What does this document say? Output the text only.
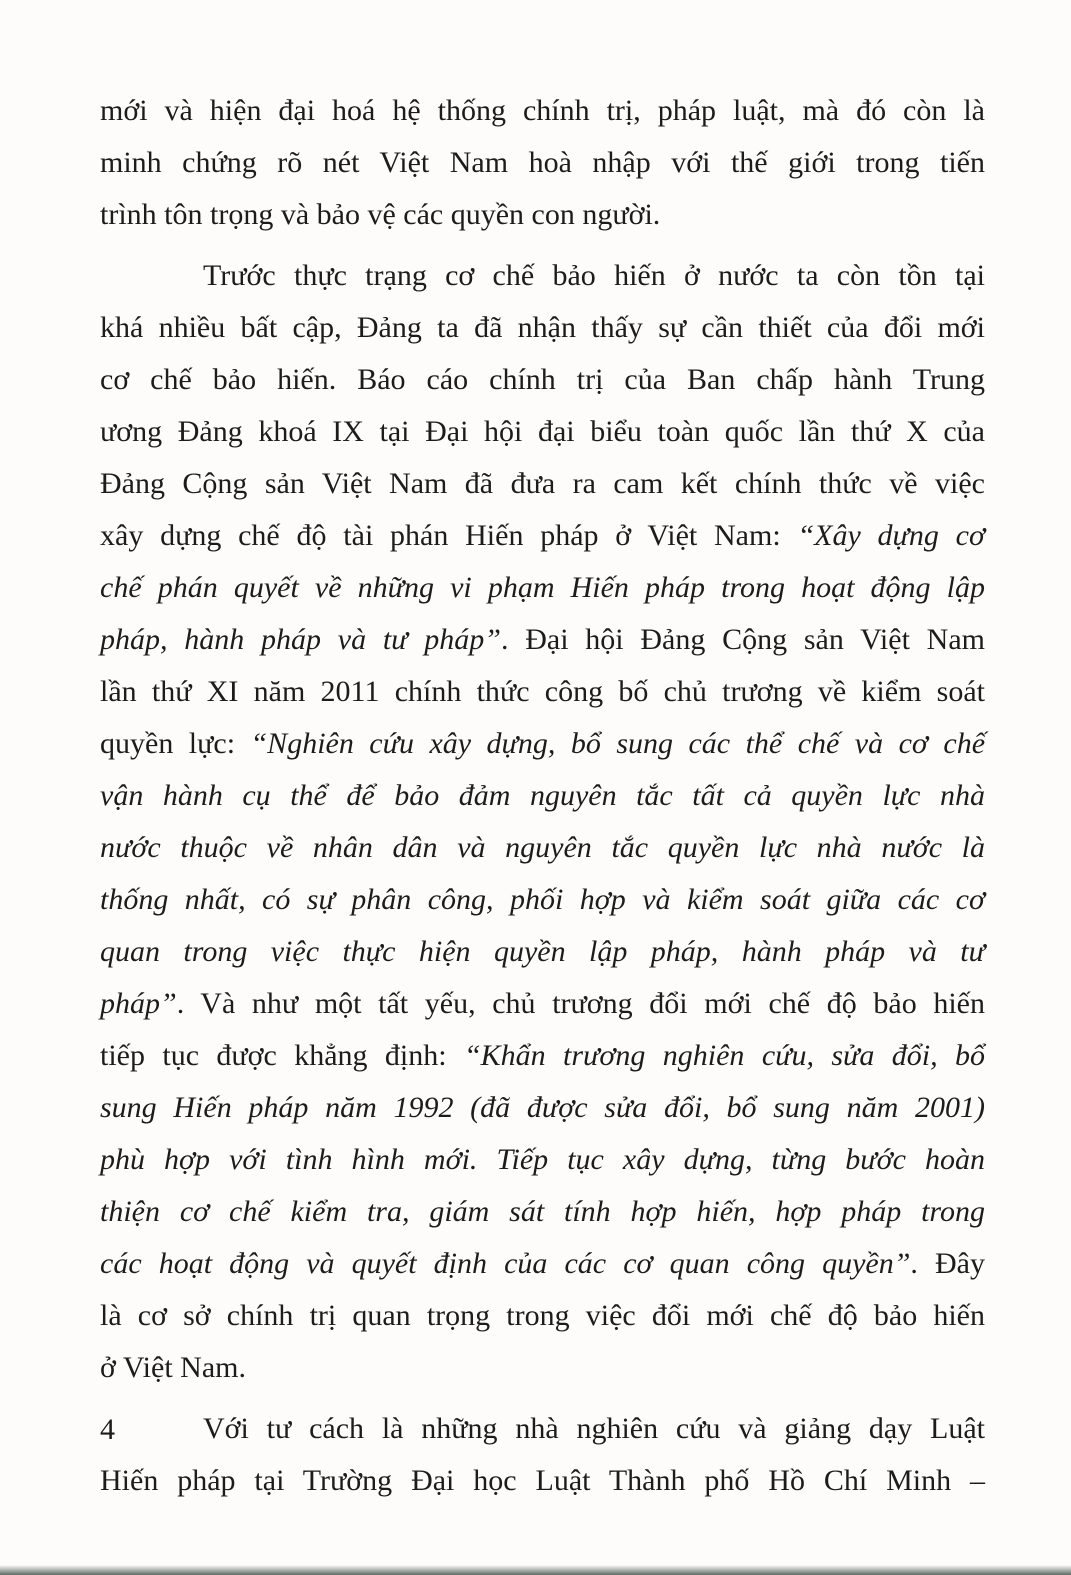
mới và hiện đại hoá hệ thống chính trị, pháp luật, mà đó còn là
minh chứng rõ nét Việt Nam hoà nhập với thế giới trong tiến
trình tôn trọng và bảo vệ các quyền con người.

Trước thực trạng cơ chế bảo hiến ở nước ta còn tồn tại
khá nhiều bất cập, Đảng ta đã nhận thấy sự cần thiết của đổi mới
cơ chế bảo hiến. Báo cáo chính trị của Ban chấp hành Trung
ương Đảng khoá IX tại Đại hội đại biểu toàn quốc lần thứ X của
Đảng Cộng sản Việt Nam đã đưa ra cam kết chính thức về việc
xây dựng chế độ tài phán Hiến pháp ở Việt Nam: “Xây dựng cơ
chế phán quyết về những vi phạm Hiến pháp trong hoạt động lập
pháp, hành pháp và tư pháp”. Đại hội Đảng Cộng sản Việt Nam
lần thứ XI năm 2011 chính thức công bố chủ trương về kiểm soát
quyền lực: “Nghiên cứu xây dựng, bổ sung các thể chế và cơ chế
vận hành cụ thể để bảo đảm nguyên tắc tất cả quyền lực nhà
nước thuộc về nhân dân và nguyên tắc quyền lực nhà nước là
thống nhất, có sự phân công, phối hợp và kiểm soát giữa các cơ
quan trong việc thực hiện quyền lập pháp, hành pháp và tư
pháp”. Và như một tất yếu, chủ trương đổi mới chế độ bảo hiến
tiếp tục được khẳng định: “Khẩn trương nghiên cứu, sửa đổi, bổ
sung Hiến pháp năm 1992 (đã được sửa đổi, bổ sung năm 2001)
phù hợp với tình hình mới. Tiếp tục xây dựng, từng bước hoàn
thiện cơ chế kiểm tra, giám sát tính hợp hiến, hợp pháp trong
các hoạt động và quyết định của các cơ quan công quyền”. Đây
là cơ sở chính trị quan trọng trong việc đổi mới chế độ bảo hiến
ở Việt Nam.

Với tư cách là những nhà nghiên cứu và giảng dạy Luật
Hiến pháp tại Trường Đại học Luật Thành phố Hồ Chí Minh –

4
